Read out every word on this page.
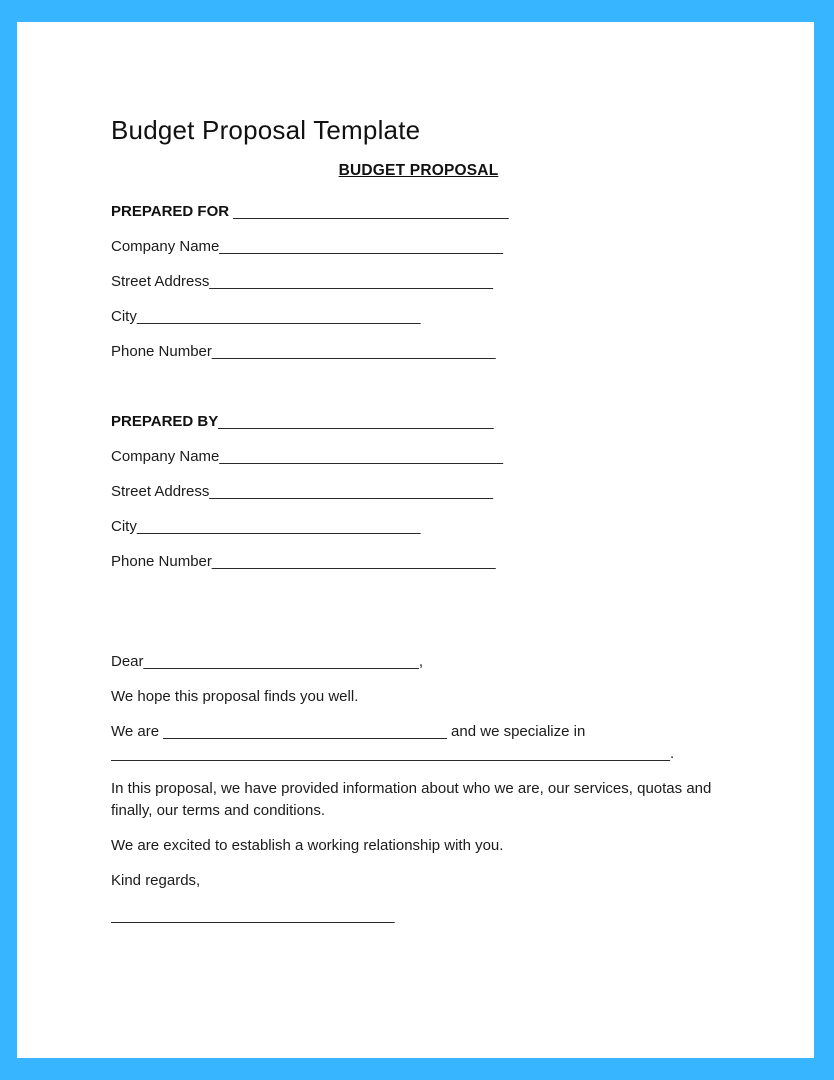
Budget Proposal Template
BUDGET PROPOSAL
PREPARED FOR _________________________________
Company Name__________________________________
Street Address__________________________________
City__________________________________
Phone Number__________________________________
PREPARED BY_________________________________
Company Name__________________________________
Street Address__________________________________
City__________________________________
Phone Number__________________________________

Dear_________________________________,

We hope this proposal finds you well.

We are __________________________________ and we specialize in
___________________________________________________________________.

In this proposal, we have provided information about who we are, our services, quotas and finally, our terms and conditions.

We are excited to establish a working relationship with you.

Kind regards,

__________________________________
